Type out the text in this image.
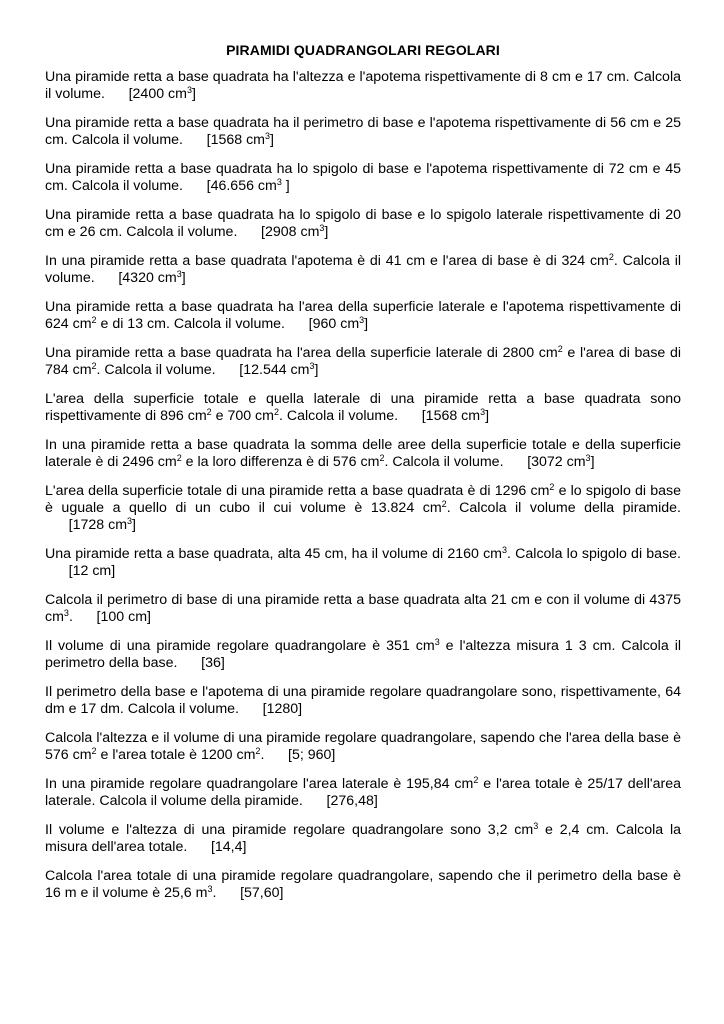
PIRAMIDI QUADRANGOLARI REGOLARI
Una piramide retta a base quadrata ha l'altezza e l'apotema rispettivamente di 8 cm e 17 cm. Calcola il volume. [2400 $cm^3$]
Una piramide retta a base quadrata ha il perimetro di base e l'apotema rispettivamente di 56 cm e 25 cm. Calcola il volume. [1568 $cm^3$]
Una piramide retta a base quadrata ha lo spigolo di base e l'apotema rispettivamente di 72 cm e 45 cm. Calcola il volume. [46.656 $cm^3$ ]
Una piramide retta a base quadrata ha lo spigolo di base e lo spigolo laterale rispettivamente di 20 cm e 26 cm. Calcola il volume. [2908 $cm^3$]
In una piramide retta a base quadrata l'apotema è di 41 cm e l'area di base è di 324 $cm^2$. Calcola il volume. [4320 $cm^3$]
Una piramide retta a base quadrata ha l'area della superficie laterale e l'apotema rispettivamente di 624 $cm^2$ e di 13 cm. Calcola il volume. [960 $cm^3$]
Una piramide retta a base quadrata ha l'area della superficie laterale di 2800 $cm^2$ e l'area di base di 784 $cm^2$. Calcola il volume. [12.544 $cm^3$]
L'area della superficie totale e quella laterale di una piramide retta a base quadrata sono rispettivamente di 896 $cm^2$ e 700 $cm^2$. Calcola il volume. [1568 $cm^3$]
In una piramide retta a base quadrata la somma delle aree della superficie totale e della superficie laterale è di 2496 $cm^2$ e la loro differenza è di 576 $cm^2$. Calcola il volume. [3072 $cm^3$]
L'area della superficie totale di una piramide retta a base quadrata è di 1296 $cm^2$ e lo spigolo di base è uguale a quello di un cubo il cui volume è 13.824 $cm^2$. Calcola il volume della piramide.      [1728 $cm^3$]
Una piramide retta a base quadrata, alta 45 cm, ha il volume di 2160 $cm^3$. Calcola lo spigolo di base.      [12 cm]
Calcola il perimetro di base di una piramide retta a base quadrata alta 21 cm e con il volume di 4375 $cm^3$. [100 cm]
Il volume di una piramide regolare quadrangolare è 351 $cm^3$ e l'altezza misura 1 3 cm. Calcola il perimetro della base. [36]
Il perimetro della base e l'apotema di una piramide regolare quadrangolare sono, rispettivamente, 64 dm e 17 dm. Calcola il volume. [1280]
Calcola l'altezza e il volume di una piramide regolare quadrangolare, sapendo che l'area della base è 576 $cm^2$ e l'area totale è 1200 $cm^2$. [5; 960]
In una piramide regolare quadrangolare l'area laterale è 195,84 $cm^2$ e l'area totale è 25/17 dell'area laterale. Calcola il volume della piramide. [276,48]
Il volume e l'altezza di una piramide regolare quadrangolare sono 3,2 $cm^3$ e 2,4 cm. Calcola la misura dell'area totale. [14,4]
Calcola l'area totale di una piramide regolare quadrangolare, sapendo che il perimetro della base è 16 m e il volume è 25,6 $m^3$. [57,60]
